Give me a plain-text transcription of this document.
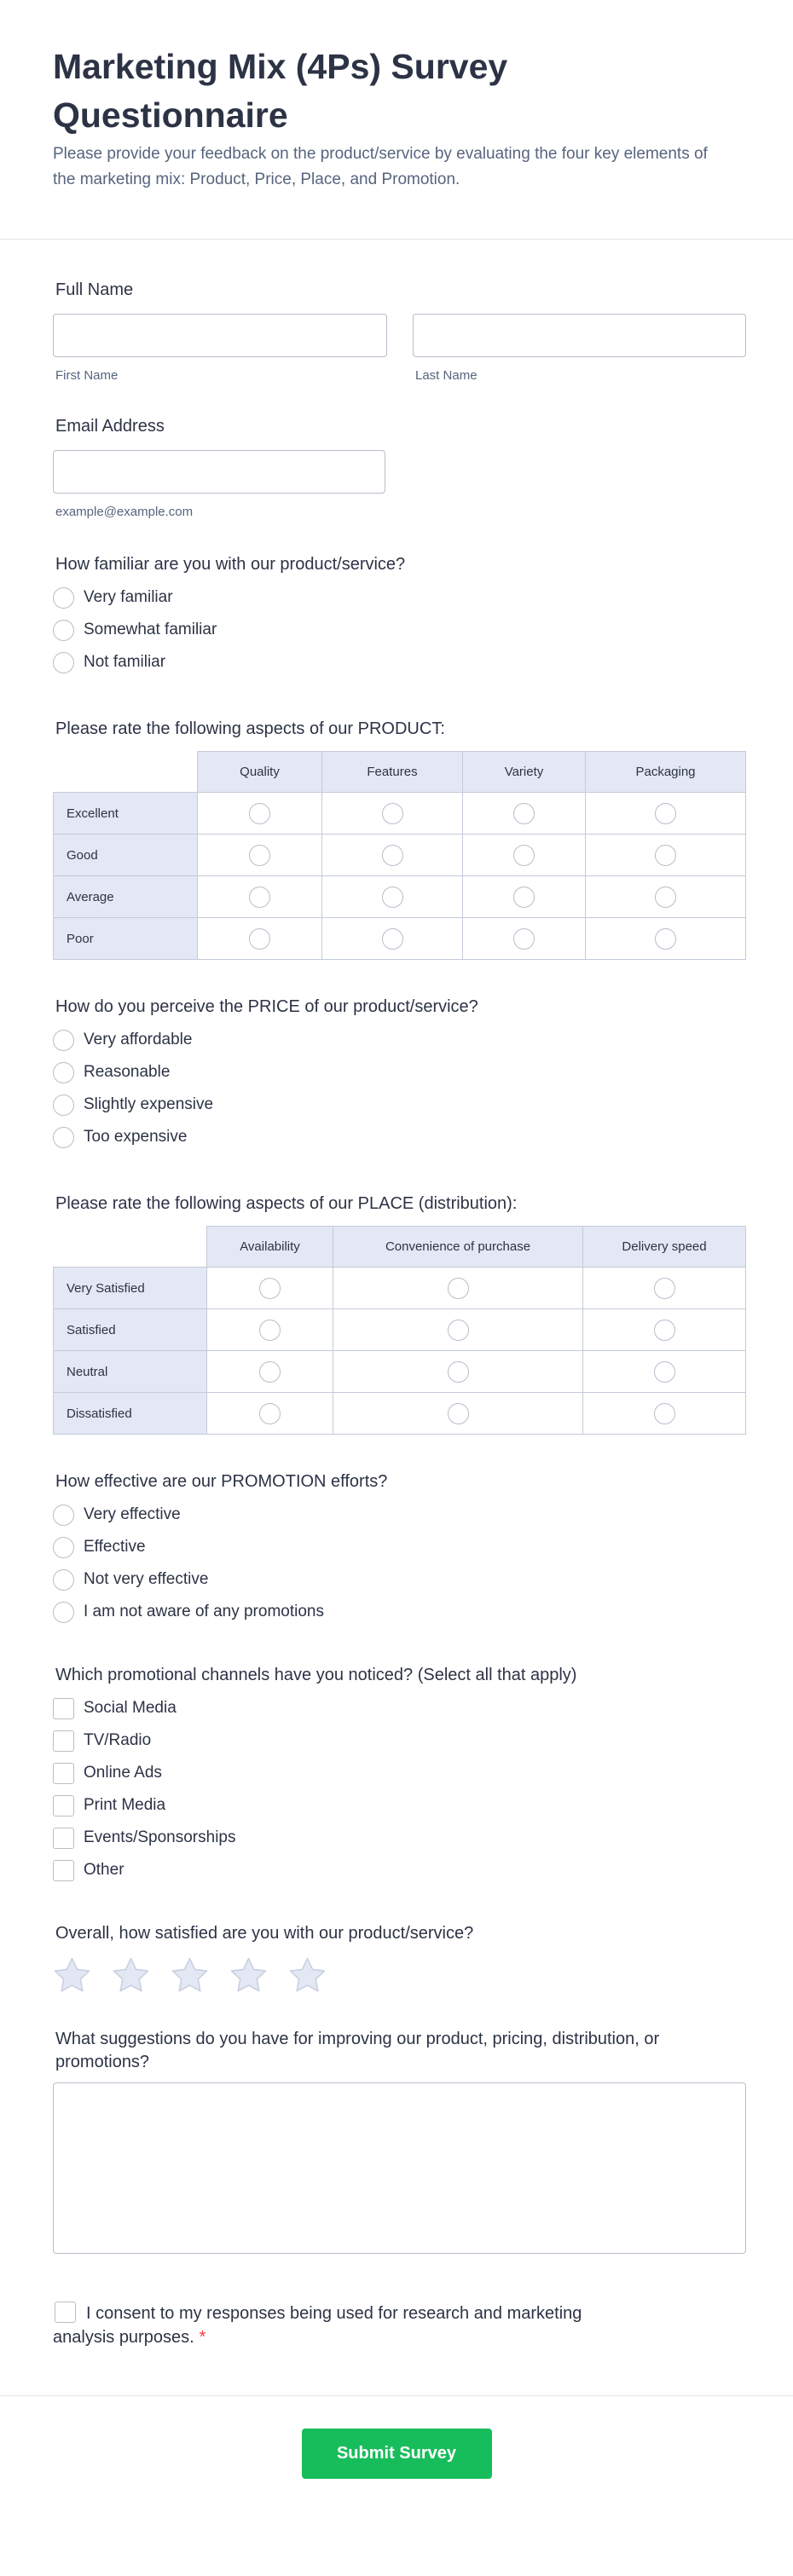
Marketing Mix (4Ps) Survey Questionnaire

Please provide your feedback on the product/service by evaluating the four key elements of the marketing mix: Product, Price, Place, and Promotion.

Full Name
First Name	Last Name
Email Address
example@example.com
How familiar are you with our product/service?
Very familiar
Somewhat familiar
Not familiar
Please rate the following aspects of our PRODUCT:
	Quality	Features	Variety	Packaging
Excellent				
Good				
Average				
Poor				
How do you perceive the PRICE of our product/service?
Very affordable
Reasonable
Slightly expensive
Too expensive
Please rate the following aspects of our PLACE (distribution):
	Availability	Convenience of purchase	Delivery speed
Very Satisfied			
Satisfied			
Neutral			
Dissatisfied			
How effective are our PROMOTION efforts?
Very effective
Effective
Not very effective
I am not aware of any promotions
Which promotional channels have you noticed? (Select all that apply)
Social Media
TV/Radio
Online Ads
Print Media
Events/Sponsorships
Other
Overall, how satisfied are you with our product/service?
What suggestions do you have for improving our product, pricing, distribution, or promotions?
I consent to my responses being used for research and marketing analysis purposes. *
Submit Survey
